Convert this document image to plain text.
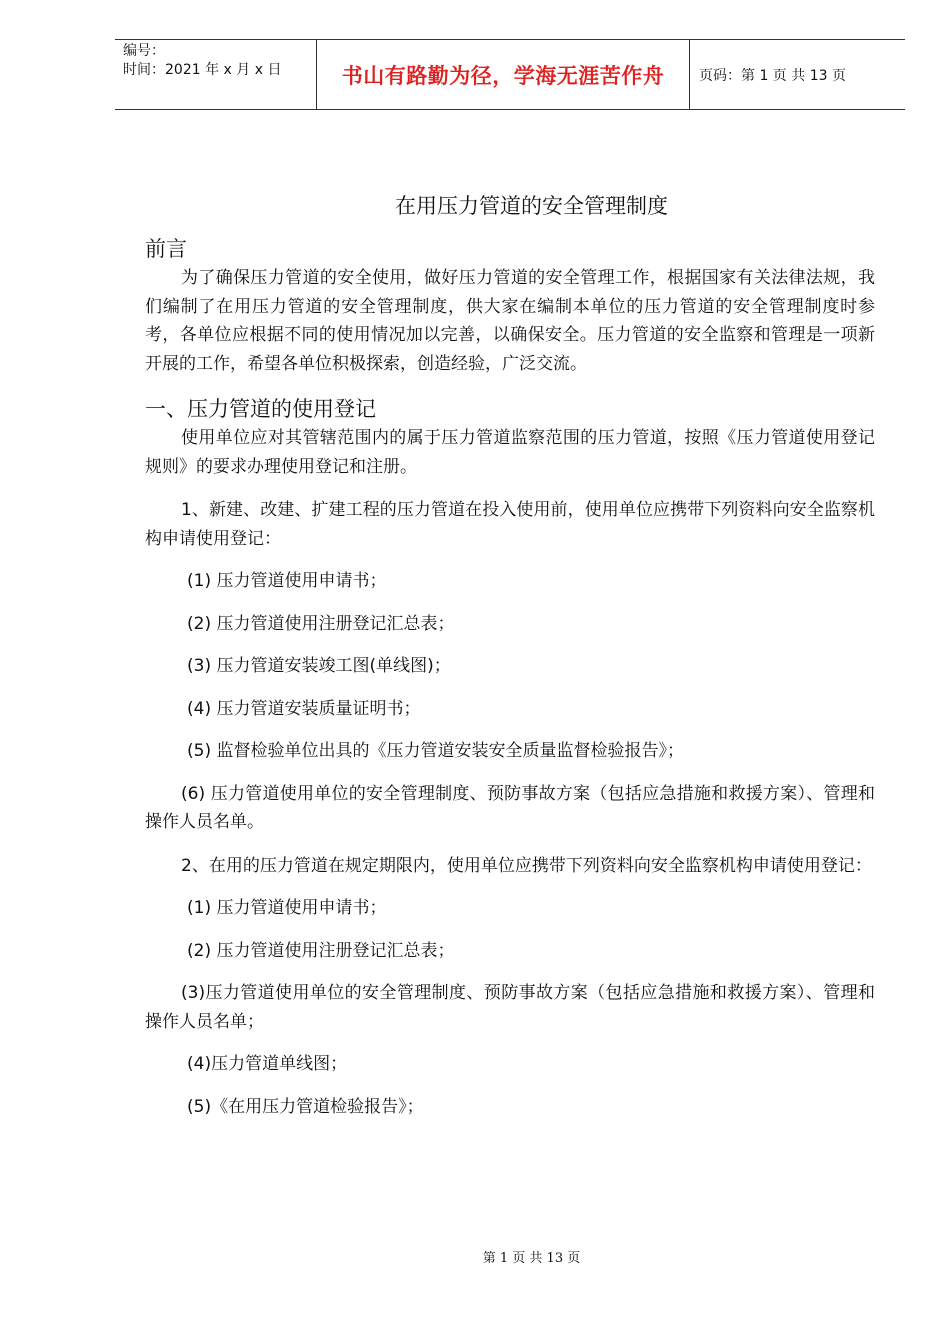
编号：
时间：2021 年 x 月 x 日	书山有路勤为径，学海无涯苦作舟	页码：第 1 页 共 13 页
在用压力管道的安全管理制度
前言

为了确保压力管道的安全使用，做好压力管道的安全管理工作，根据国家有关法律法规，我们编制了在用压力管道的安全管理制度，供大家在编制本单位的压力管道的安全管理制度时参考，各单位应根据不同的使用情况加以完善，以确保安全。压力管道的安全监察和管理是一项新开展的工作，希望各单位积极探索，创造经验，广泛交流。

一、压力管道的使用登记

使用单位应对其管辖范围内的属于压力管道监察范围的压力管道，按照《压力管道使用登记规则》的要求办理使用登记和注册。

1、新建、改建、扩建工程的压力管道在投入使用前，使用单位应携带下列资料向安全监察机构申请使用登记：

(1) 压力管道使用申请书；

(2) 压力管道使用注册登记汇总表；

(3) 压力管道安装竣工图(单线图)；

(4) 压力管道安装质量证明书；

(5) 监督检验单位出具的《压力管道安装安全质量监督检验报告》；

(6) 压力管道使用单位的安全管理制度、预防事故方案（包括应急措施和救援方案）、管理和操作人员名单。

2、在用的压力管道在规定期限内，使用单位应携带下列资料向安全监察机构申请使用登记：

(1) 压力管道使用申请书；

(2) 压力管道使用注册登记汇总表；

(3)压力管道使用单位的安全管理制度、预防事故方案（包括应急措施和救援方案）、管理和操作人员名单；

(4)压力管道单线图；

(5)《在用压力管道检验报告》；

第 1 页 共 13 页
